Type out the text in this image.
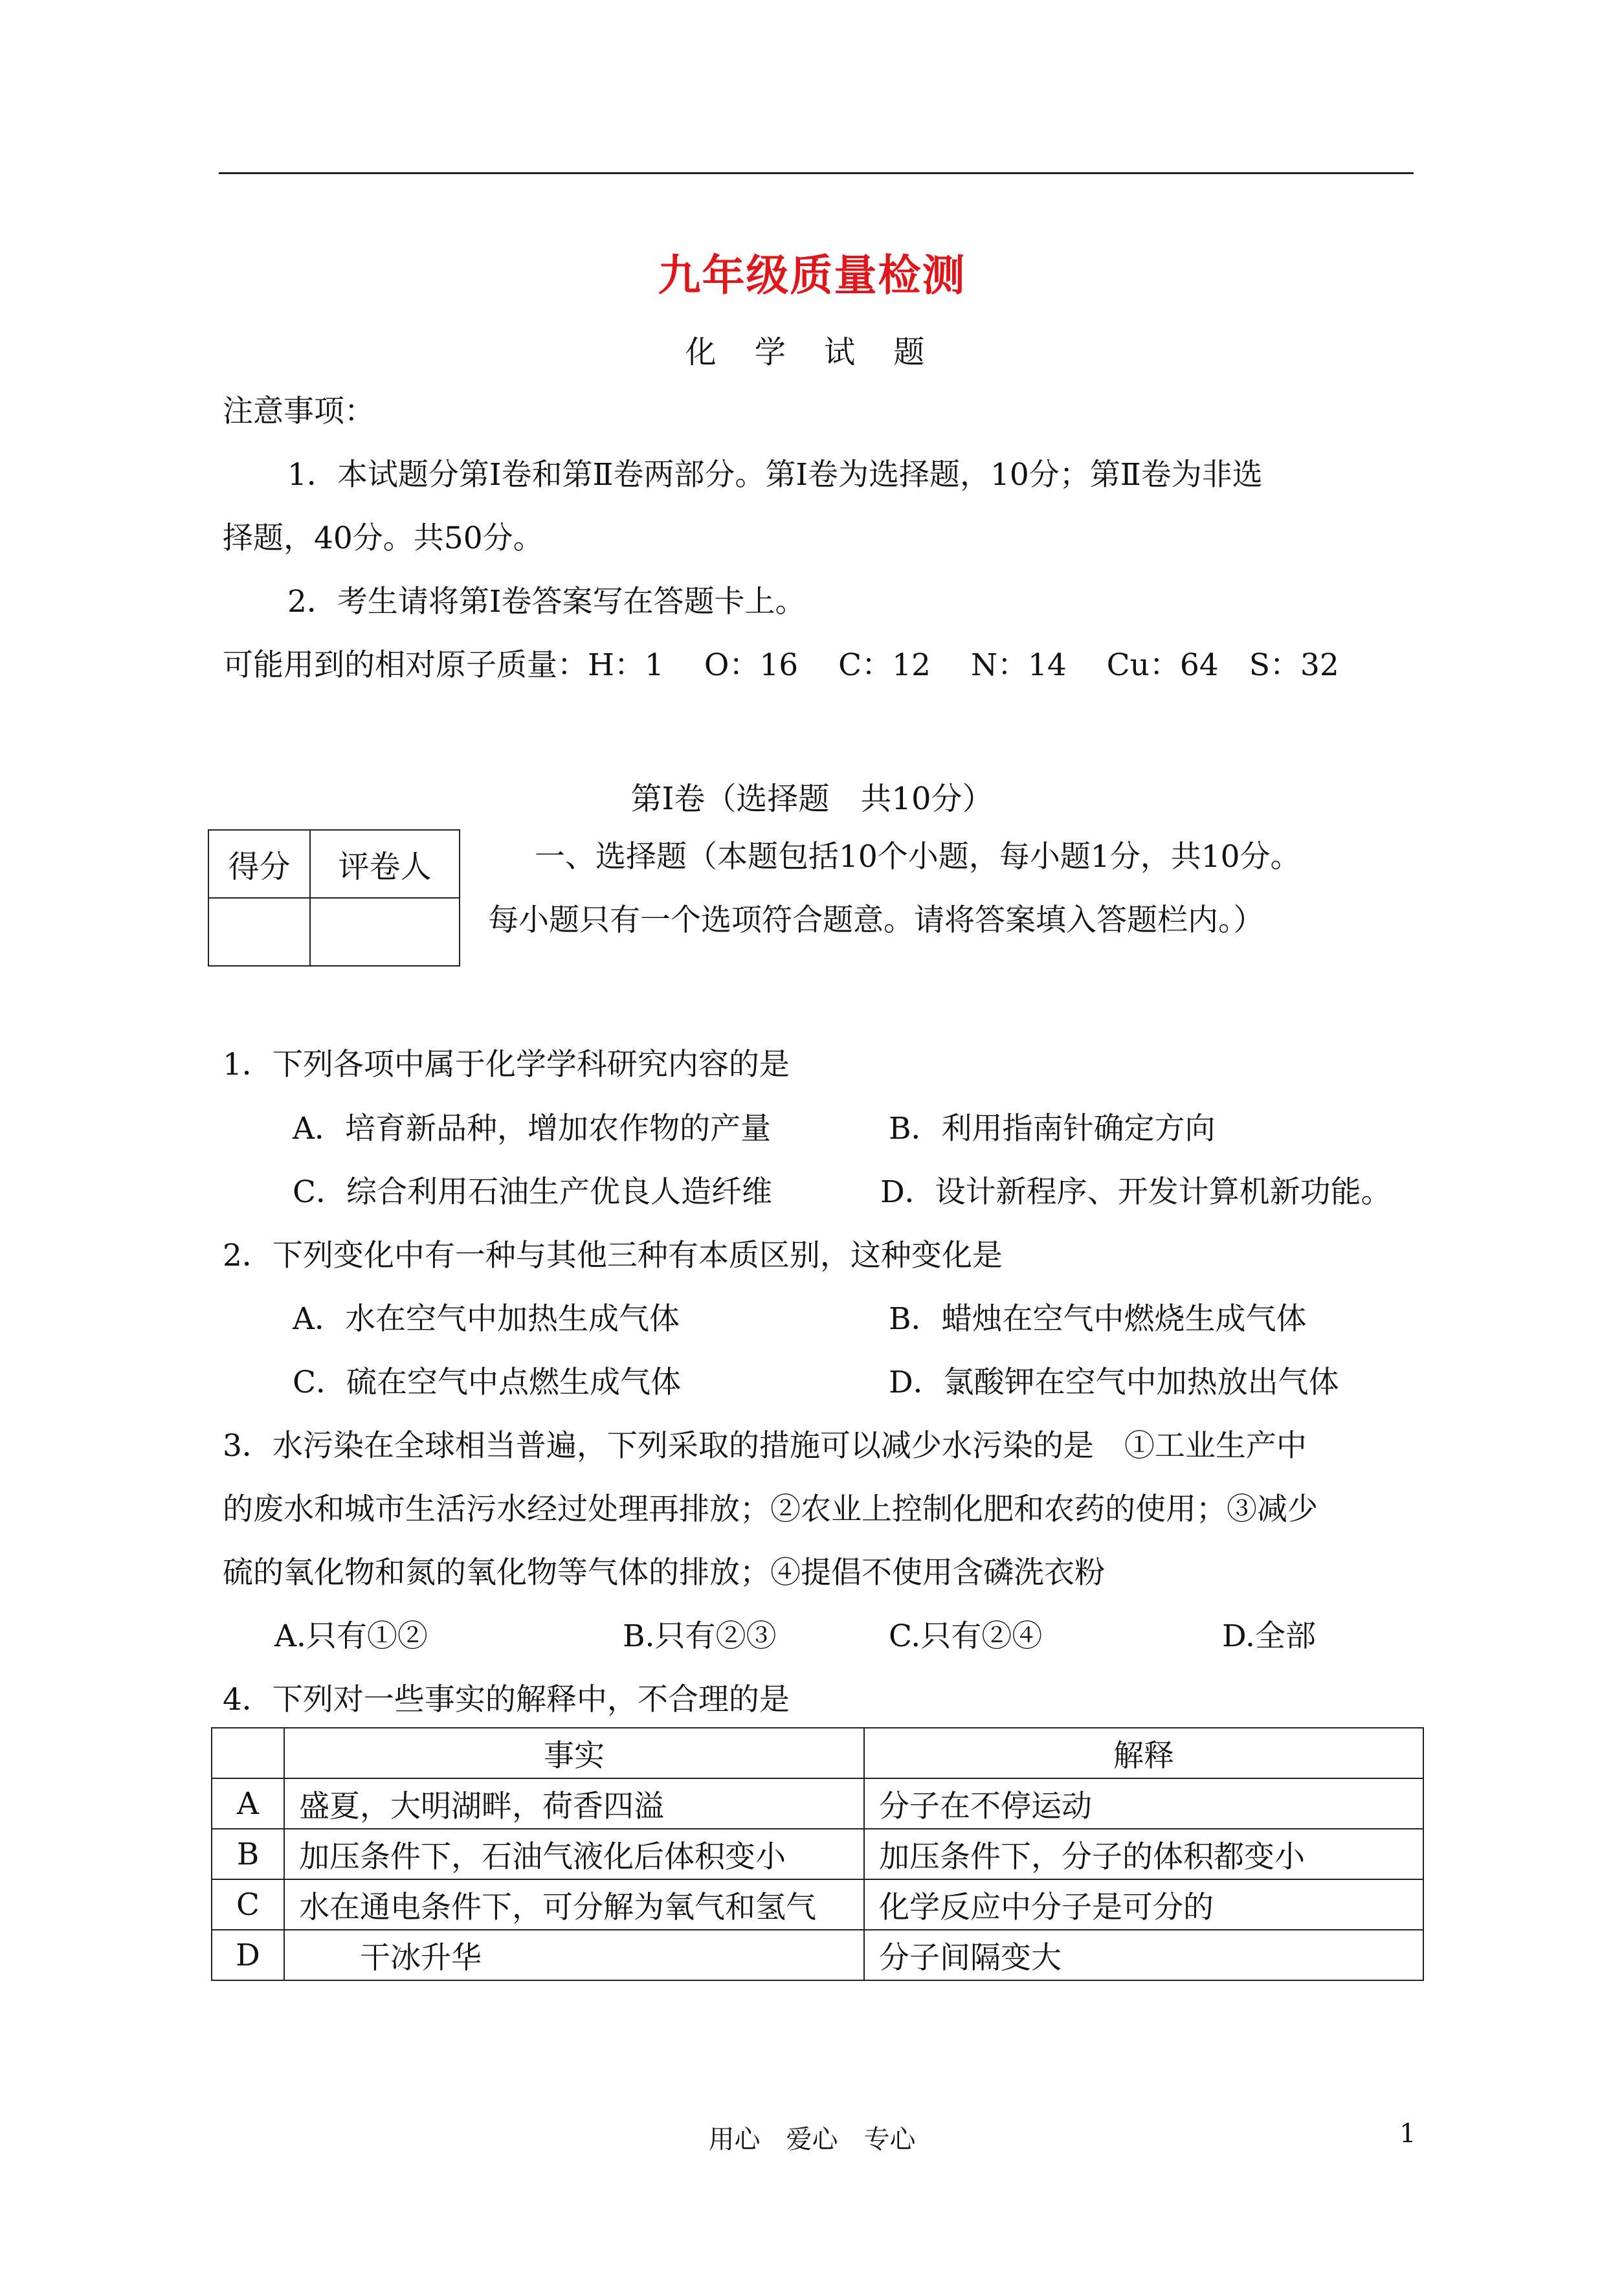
九年级质量检测
化 学 试 题
注意事项：
1．本试题分第Ⅰ卷和第Ⅱ卷两部分。第Ⅰ卷为选择题，10分；第Ⅱ卷为非选
择题，40分。共50分。
2．考生请将第Ⅰ卷答案写在答题卡上。
可能用到的相对原子质量：H：1　 O：16　 C：12　 N：14　 Cu：64　S：32
第Ⅰ卷（选择题　共10分）
得分	评卷人
		一、选择题（本题包括10个小题，每小题1分，共10分。
每小题只有一个选项符合题意。请将答案填入答题栏内。）
1．下列各项中属于化学学科研究内容的是
A．培育新品种，增加农作物的产量	B．利用指南针确定方向
C．综合利用石油生产优良人造纤维	D．设计新程序、开发计算机新功能。
2．下列变化中有一种与其他三种有本质区别，这种变化是
A．水在空气中加热生成气体	B．蜡烛在空气中燃烧生成气体
C．硫在空气中点燃生成气体	D．氯酸钾在空气中加热放出气体
3．水污染在全球相当普遍，下列采取的措施可以减少水污染的是　①工业生产中
的废水和城市生活污水经过处理再排放；②农业上控制化肥和农药的使用；③减少
硫的氧化物和氮的氧化物等气体的排放；④提倡不使用含磷洗衣粉
A.只有①②	B.只有②③	C.只有②④	D.全部
4．下列对一些事实的解释中，不合理的是
	事实	解释
A	盛夏，大明湖畔，荷香四溢	分子在不停运动
B	加压条件下，石油气液化后体积变小	加压条件下，分子的体积都变小
C	水在通电条件下，可分解为氧气和氢气	化学反应中分子是可分的
D	　　干冰升华	分子间隔变大
用心　爱心　专心	1
